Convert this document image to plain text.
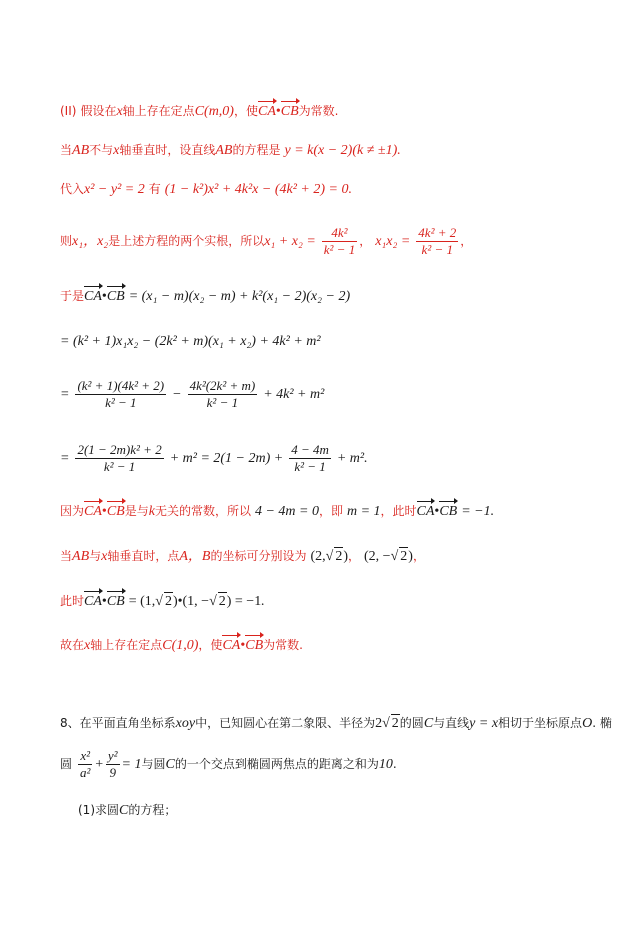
(II) 假设在x轴上存在定点C(m,0)，使CA•CB为常数.
当AB不与x轴垂直时，设直线AB的方程是 y = k(x − 2)(k ≠ ±1).
代入x² − y² = 2 有 (1 − k²)x² + 4k²x − (4k² + 2) = 0.
则x₁，x₂是上述方程的两个实根，所以$x_1 + x_2 = \frac{\text{4k²}}{\text{k² − 1}}$ ， $x_1x_2 = \frac{\text{4k² + 2}}{\text{k² − 1}}$ ，
于是CA•CB = (x₁ − m)(x₂ − m) + k²(x₁ − 2)(x₂ − 2)
= (k² + 1)x₁x₂ − (2k² + m)(x₁ + x₂) + 4k² + m²
= $\frac{\text{(k² + 1)(4k² + 2)}}{\text{k² − 1}} - \frac{\text{4k²(2k² + m)}}{\text{k² − 1}} + 4k^2 + m^2$
= $\frac{\text{2(1 − 2m)k² + 2}}{\text{k² − 1}} + m^2 = 2(1 - 2m) + \frac{4 - 4m}{\text{k² − 1}} + m^2$.
因为CA•CB是与k无关的常数，所以 4 − 4m = 0，即 m = 1，此时CA•CB = −1.
当AB与x轴垂直时，点A，B的坐标可分别设为 (2,√ 2)， (2, −√ 2)，
此时CA•CB = (1,√ 2)•(1, −√ 2) = −1.
故在x轴上存在定点C(1,0)，使CA•CB为常数.
8、在平面直角坐标系xoy中，已知圆心在第二象限、半径为2√ 2的圆C与直线y = x相切于坐标原点O. 椭
圆 $\frac{\text{x²}}{\text{a²}} + \frac{\text{y²}}{9} = 1$与圆C的一个交点到椭圆两焦点的距离之和为10.
(1)求圆C的方程；
